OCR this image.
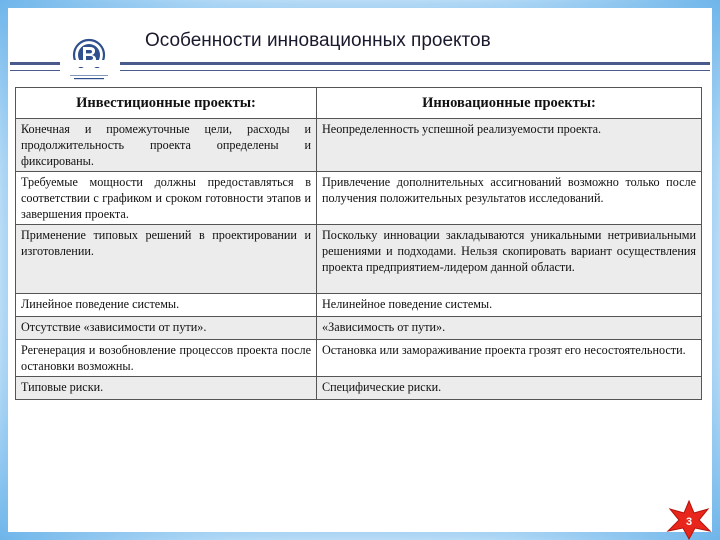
Особенности инновационных проектов
Инвестиционные проекты:	Инновационные проекты:
Конечная и промежуточные цели, расходы и продолжительность проекта определены и фиксированы.	Неопределенность успешной реализуемости проекта.
Требуемые мощности должны предоставляться в соответствии с графиком и сроком готовности этапов и завершения проекта.	Привлечение дополнительных ассигнований возможно только после получения положительных результатов исследований.
Применение типовых решений в проектировании и изготовлении.	Поскольку инновации закладываются уникальными нетривиальными решениями и подходами. Нельзя скопировать вариант осуществления проекта предприятием-лидером данной области.
Линейное поведение системы.	Нелинейное поведение системы.
Отсутствие «зависимости от пути».	«Зависимость от пути».
Регенерация и возобновление процессов проекта после остановки возможны.	Остановка или замораживание проекта грозят его несостоятельности.
Типовые риски.	Специфические риски.
3
